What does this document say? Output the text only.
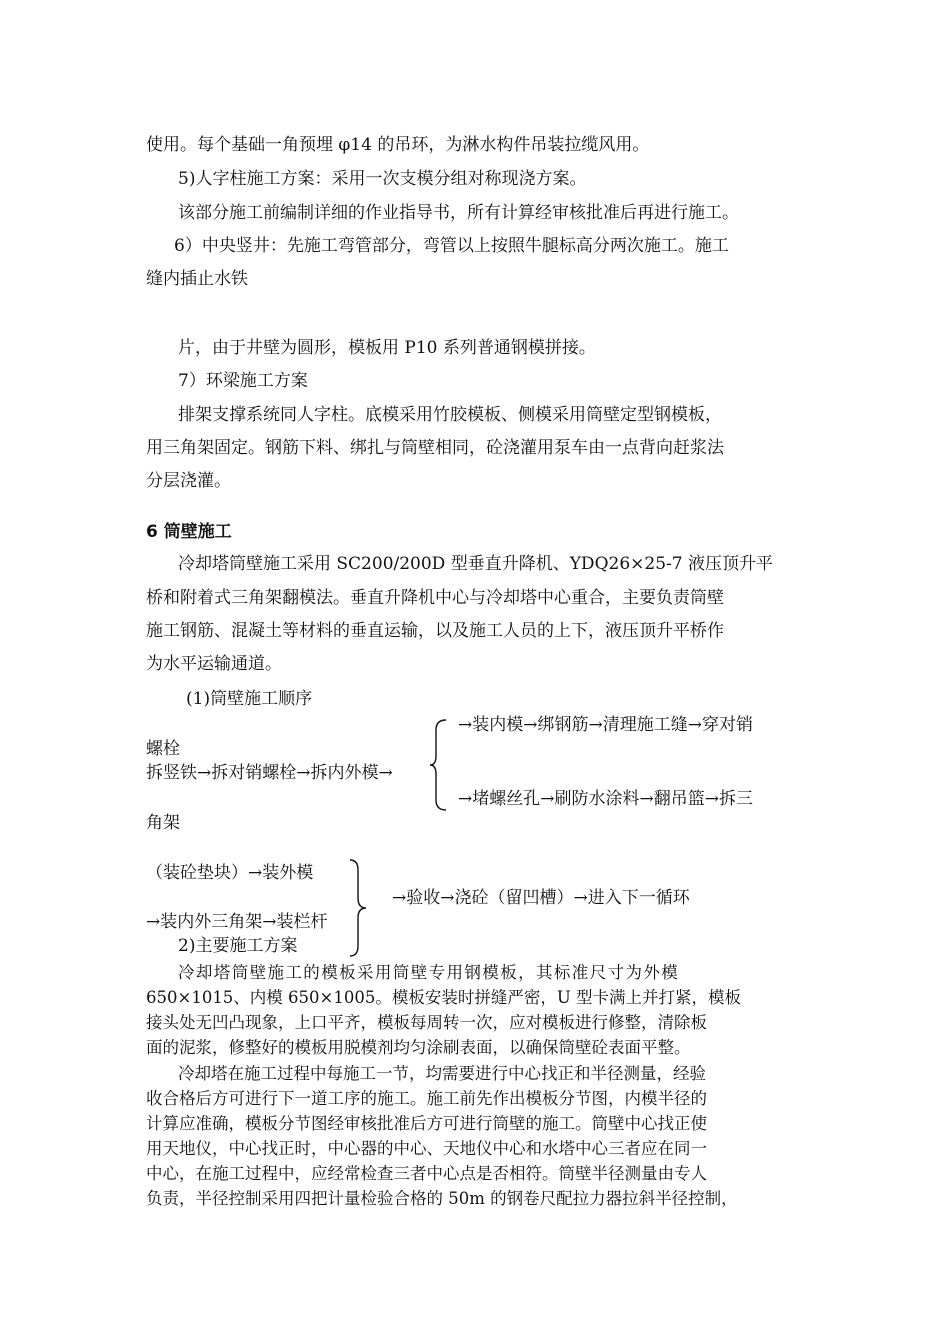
使用。每个基础一角预埋 φ14 的吊环，为淋水构件吊装拉缆风用。
5)人字柱施工方案：采用一次支模分组对称现浇方案。
该部分施工前编制详细的作业指导书，所有计算经审核批准后再进行施工。
6）中央竖井：先施工弯管部分，弯管以上按照牛腿标高分两次施工。施工
缝内插止水铁
片，由于井壁为圆形，模板用 P10 系列普通钢模拼接。
7）环梁施工方案
排架支撑系统同人字柱。底模采用竹胶模板、侧模采用筒壁定型钢模板，
用三角架固定。钢筋下料、绑扎与筒壁相同，砼浇灌用泵车由一点背向赶浆法
分层浇灌。
6 筒壁施工
冷却塔筒壁施工采用 SC200/200D 型垂直升降机、YDQ26×25-7 液压顶升平
桥和附着式三角架翻模法。垂直升降机中心与冷却塔中心重合，主要负责筒壁
施工钢筋、混凝土等材料的垂直运输，以及施工人员的上下，液压顶升平桥作
为水平运输通道。
(1)筒壁施工顺序
→装内模→绑钢筋→清理施工缝→穿对销
螺栓
拆竖铁→拆对销螺栓→拆内外模→
→堵螺丝孔→刷防水涂料→翻吊篮→拆三
角架
（装砼垫块）→装外模
→验收→浇砼（留凹槽）→进入下一循环
→装内外三角架→装栏杆
2)主要施工方案
冷却塔筒壁施工的模板采用筒壁专用钢模板，其标准尺寸为外模
650×1015、内模 650×1005。模板安装时拼缝严密，U 型卡满上并打紧，模板
接头处无凹凸现象，上口平齐，模板每周转一次，应对模板进行修整，清除板
面的泥浆，修整好的模板用脱模剂均匀涂刷表面，以确保筒壁砼表面平整。
冷却塔在施工过程中每施工一节，均需要进行中心找正和半径测量，经验
收合格后方可进行下一道工序的施工。施工前先作出模板分节图，内模半径的
计算应准确，模板分节图经审核批准后方可进行筒壁的施工。筒壁中心找正使
用天地仪，中心找正时，中心器的中心、天地仪中心和水塔中心三者应在同一
中心，在施工过程中，应经常检查三者中心点是否相符。筒壁半径测量由专人
负责，半径控制采用四把计量检验合格的 50m 的钢卷尺配拉力器拉斜半径控制，
